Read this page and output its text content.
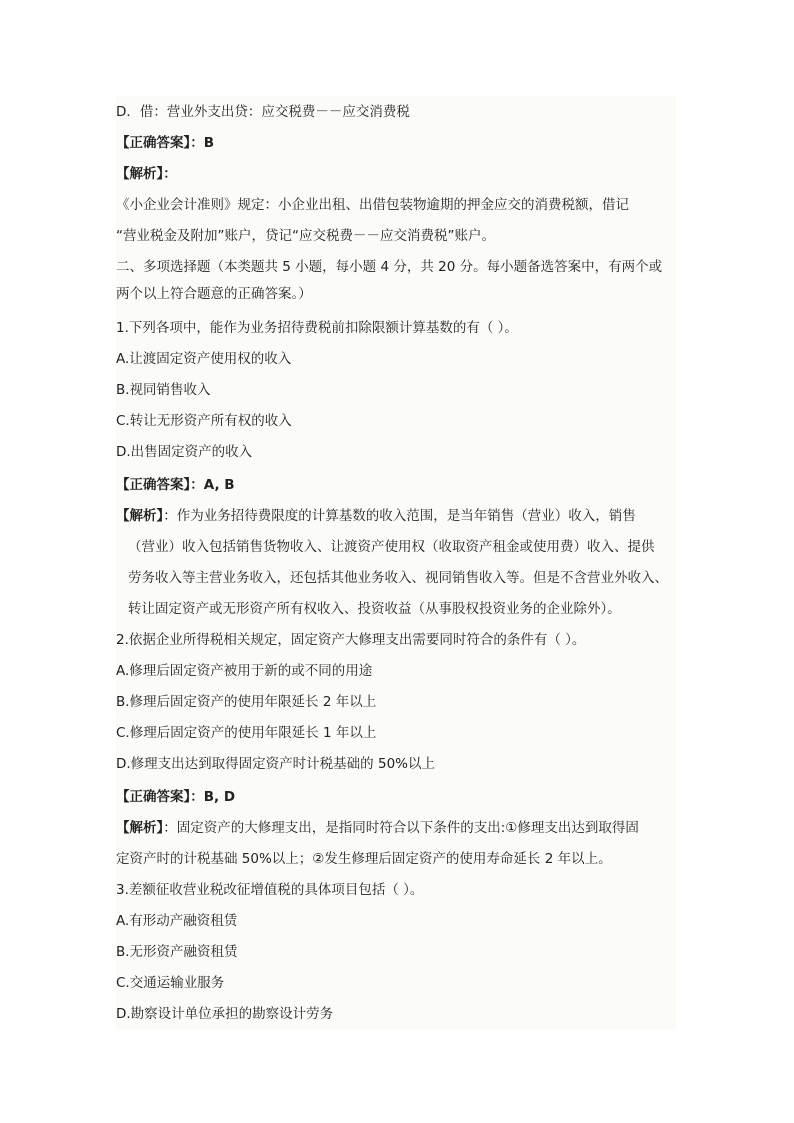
D．借：营业外支出贷：应交税费－－应交消费税
【正确答案】：B
【解析】：
《小企业会计准则》规定：小企业出租、出借包装物逾期的押金应交的消费税额，借记
“营业税金及附加”账户，贷记“应交税费－－应交消费税”账户。
二、多项选择题（本类题共 5 小题，每小题 4 分，共 20 分。每小题备选答案中，有两个或
两个以上符合题意的正确答案。）
1.下列各项中，能作为业务招待费税前扣除限额计算基数的有（ ）。
A.让渡固定资产使用权的收入
B.视同销售收入
C.转让无形资产所有权的收入
D.出售固定资产的收入
【正确答案】：A, B
【解析】：作为业务招待费限度的计算基数的收入范围，是当年销售（营业）收入，销售
（营业）收入包括销售货物收入、让渡资产使用权（收取资产租金或使用费）收入、提供
劳务收入等主营业务收入，还包括其他业务收入、视同销售收入等。但是不含营业外收入、
转让固定资产或无形资产所有权收入、投资收益（从事股权投资业务的企业除外）。
2.依据企业所得税相关规定，固定资产大修理支出需要同时符合的条件有（ ）。
A.修理后固定资产被用于新的或不同的用途
B.修理后固定资产的使用年限延长 2 年以上
C.修理后固定资产的使用年限延长 1 年以上
D.修理支出达到取得固定资产时计税基础的 50%以上
【正确答案】：B, D
【解析】：固定资产的大修理支出，是指同时符合以下条件的支出:①修理支出达到取得固
定资产时的计税基础 50%以上；②发生修理后固定资产的使用寿命延长 2 年以上。
3.差额征收营业税改征增值税的具体项目包括（ ）。
A.有形动产融资租赁
B.无形资产融资租赁
C.交通运输业服务
D.勘察设计单位承担的勘察设计劳务
